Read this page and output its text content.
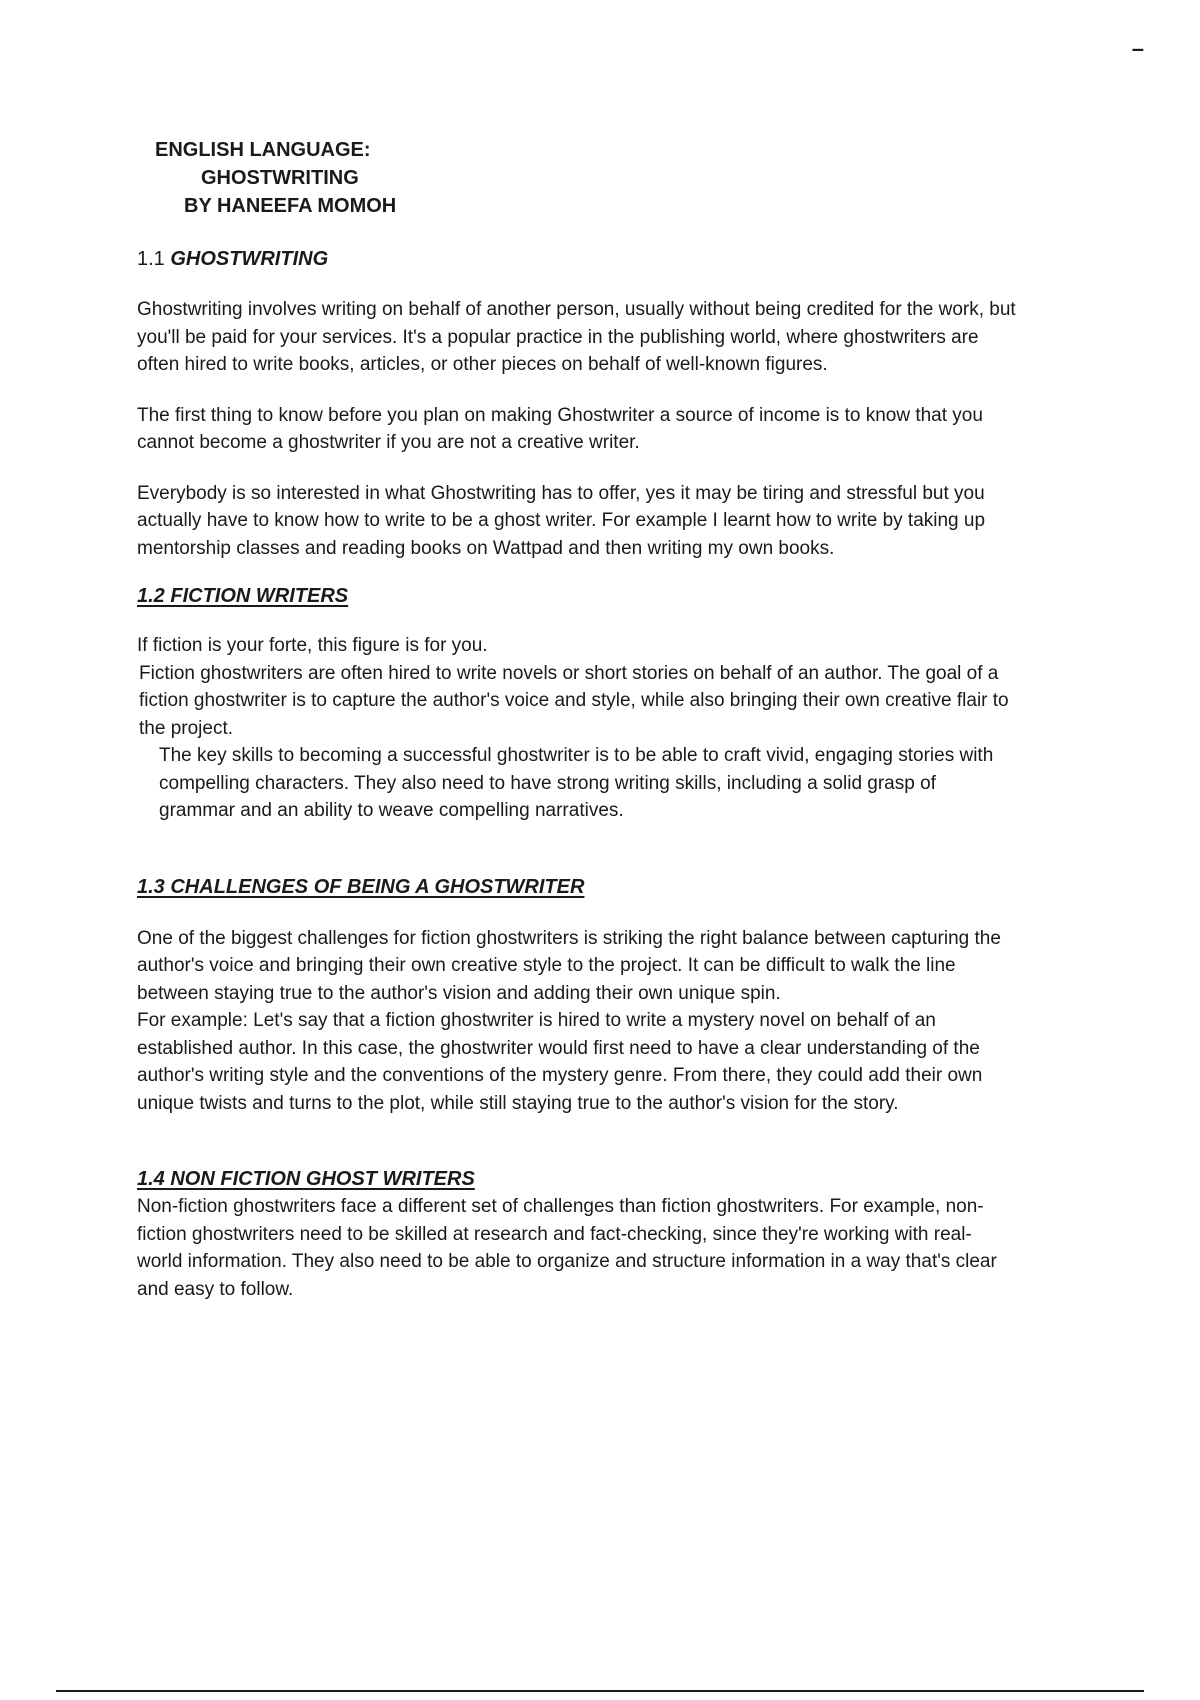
–
ENGLISH LANGUAGE:
GHOSTWRITING
BY HANEEFA MOMOH
1.1 GHOSTWRITING

Ghostwriting involves writing on behalf of another person, usually without being credited for the work, but you'll be paid for your services. It's a popular practice in the publishing world, where ghostwriters are often hired to write books, articles, or other pieces on behalf of well-known figures.

The first thing to know before you plan on making Ghostwriter a source of income is to know that you cannot become a ghostwriter if you are not a creative writer.

Everybody is so interested in what Ghostwriting has to offer, yes it may be tiring and stressful but you actually have to know how to write to be a ghost writer. For example I learnt how to write by taking up mentorship classes and reading books on Wattpad and then writing my own books.

1.2 FICTION WRITERS

If fiction is your forte, this figure is for you.

Fiction ghostwriters are often hired to write novels or short stories on behalf of an author. The goal of a fiction ghostwriter is to capture the author's voice and style, while also bringing their own creative flair to the project.

The key skills to becoming a successful ghostwriter is to be able to craft vivid, engaging stories with compelling characters. They also need to have strong writing skills, including a solid grasp of grammar and an ability to weave compelling narratives.

1.3 CHALLENGES OF BEING A GHOSTWRITER

One of the biggest challenges for fiction ghostwriters is striking the right balance between capturing the author's voice and bringing their own creative style to the project. It can be difficult to walk the line between staying true to the author's vision and adding their own unique spin.

For example: Let's say that a fiction ghostwriter is hired to write a mystery novel on behalf of an established author. In this case, the ghostwriter would first need to have a clear understanding of the author's writing style and the conventions of the mystery genre. From there, they could add their own unique twists and turns to the plot, while still staying true to the author's vision for the story.

1.4 NON FICTION GHOST WRITERS

Non-fiction ghostwriters face a different set of challenges than fiction ghostwriters. For example, non-fiction ghostwriters need to be skilled at research and fact-checking, since they're working with real-world information. They also need to be able to organize and structure information in a way that's clear and easy to follow.
